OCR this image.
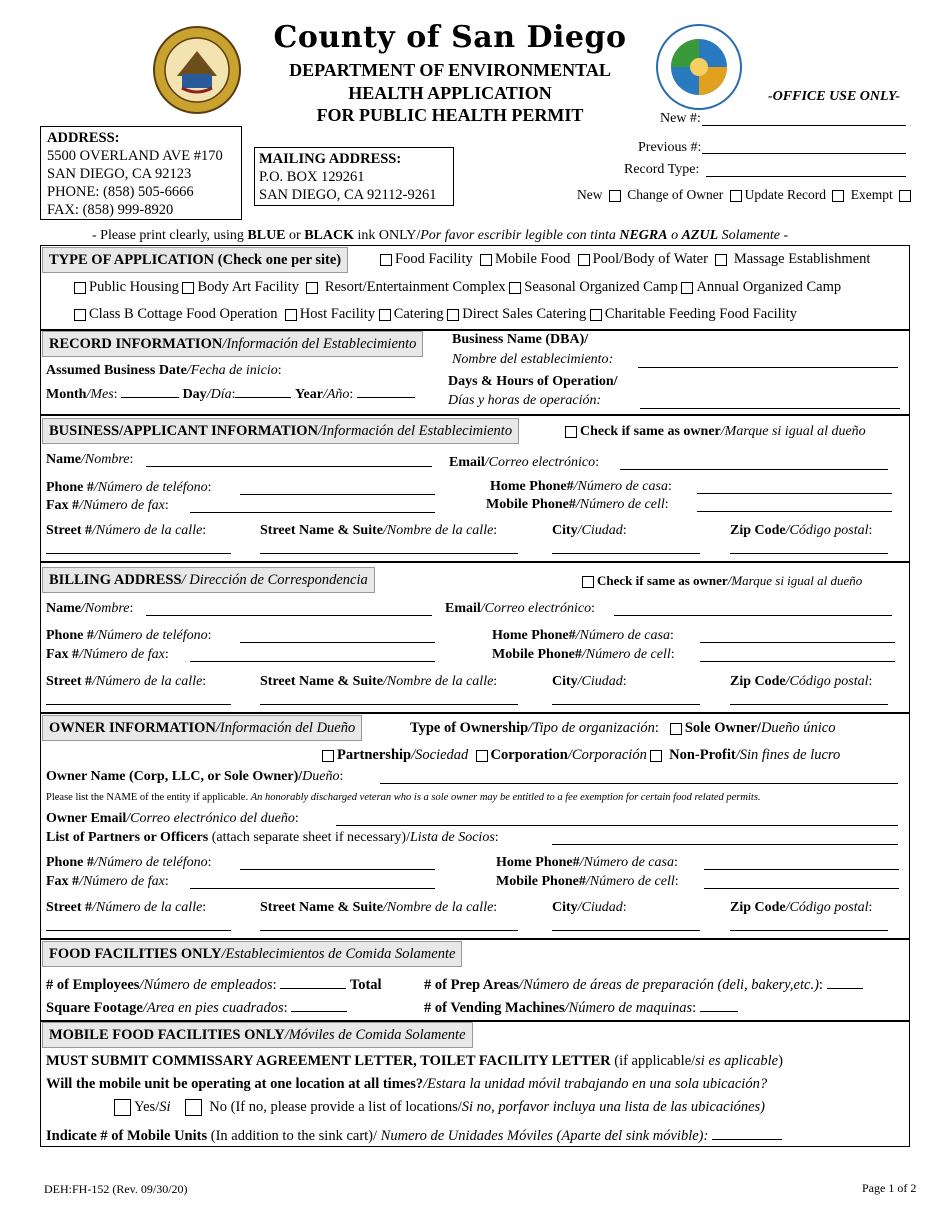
County of San Diego
DEPARTMENT OF ENVIRONMENTAL
HEALTH APPLICATION
FOR PUBLIC HEALTH PERMIT
ADDRESS:
5500 OVERLAND AVE #170
SAN DIEGO, CA 92123
PHONE: (858) 505-6666
FAX: (858) 999-8920
MAILING ADDRESS:
P.O. BOX 129261
SAN DIEGO, CA 92112-9261
-OFFICE USE ONLY-
New #:
Previous #:
Record Type:
New Change of Owner Update Record Exempt
- Please print clearly, using BLUE or BLACK ink ONLY/Por favor escribir legible con tinta NEGRA o AZUL Solamente -
TYPE OF APPLICATION (Check one per site)	Food Facility Mobile Food Pool/Body of Water Massage Establishment
Public Housing Body Art Facility Resort/Entertainment Complex Seasonal Organized Camp Annual Organized Camp
Class B Cottage Food Operation Host Facility Catering Direct Sales Catering Charitable Feeding Food Facility
RECORD INFORMATION/Información del Establecimiento	Business Name (DBA)/
Nombre del establecimiento:
Assumed Business Date/Fecha de inicio:
Month/Mes:	Day/Día:	Year/Año:
Days & Hours of Operation/
Días y horas de operación:
BUSINESS/APPLICANT INFORMATION/Información del Establecimiento	Check if same as owner/Marque si igual al dueño
Name/Nombre:	Email/Correo electrónico:
Phone #/Número de teléfono:
Fax #/Número de fax:
Home Phone#/Número de casa:
Mobile Phone#/Número de cell:
Street #/Número de la calle:	Street Name & Suite/Nombre de la calle:	City/Ciudad:	Zip Code/Código postal:
BILLING ADDRESS/ Dirección de Correspondencia	Check if same as owner/Marque si igual al dueño
Name/Nombre:	Email/Correo electrónico:
Phone #/Número de teléfono:
Fax #/Número de fax:
Home Phone#/Número de casa:
Mobile Phone#/Número de cell:
Street #/Número de la calle:	Street Name & Suite/Nombre de la calle:	City/Ciudad:	Zip Code/Código postal:
OWNER INFORMATION/Información del Dueño	Type of Ownership/Tipo de organización:   Sole Owner/Dueño único
Partnership/Sociedad Corporation/Corporación Non-Profit/Sin fines de lucro
Owner Name (Corp, LLC, or Sole Owner)/Dueño:
Please list the NAME of the entity if applicable. An honorably discharged veteran who is a sole owner may be entitled to a fee exemption for certain food related permits.
Owner Email/Correo electrónico del dueño:
List of Partners or Officers (attach separate sheet if necessary)/Lista de Socios:
Phone #/Número de teléfono:
Fax #/Número de fax:
Home Phone#/Número de casa:
Mobile Phone#/Número de cell:
Street #/Número de la calle:	Street Name & Suite/Nombre de la calle:	City/Ciudad:	Zip Code/Código postal:
FOOD FACILITIES ONLY/Establecimientos de Comida Solamente
# of Employees/Número de empleados:	Total	# of Prep Areas/Número de áreas de preparación (deli, bakery,etc.):
Square Footage/Area en pies cuadrados:	# of Vending Machines/Número de maquinas:
MOBILE FOOD FACILITIES ONLY/Móviles de Comida Solamente
MUST SUBMIT COMMISSARY AGREEMENT LETTER, TOILET FACILITY LETTER (if applicable/si es aplicable)
Will the mobile unit be operating at one location at all times?/Estara la unidad móvil trabajando en una sola ubicación?
Yes/Si	No (If no, please provide a list of locations/Si no, porfavor incluya una lista de las ubicaciónes)
Indicate # of Mobile Units (In addition to the sink cart)/ Numero de Unidades Móviles (Aparte del sink móvible):
DEH:FH-152 (Rev. 09/30/20)	Page 1 of 2
